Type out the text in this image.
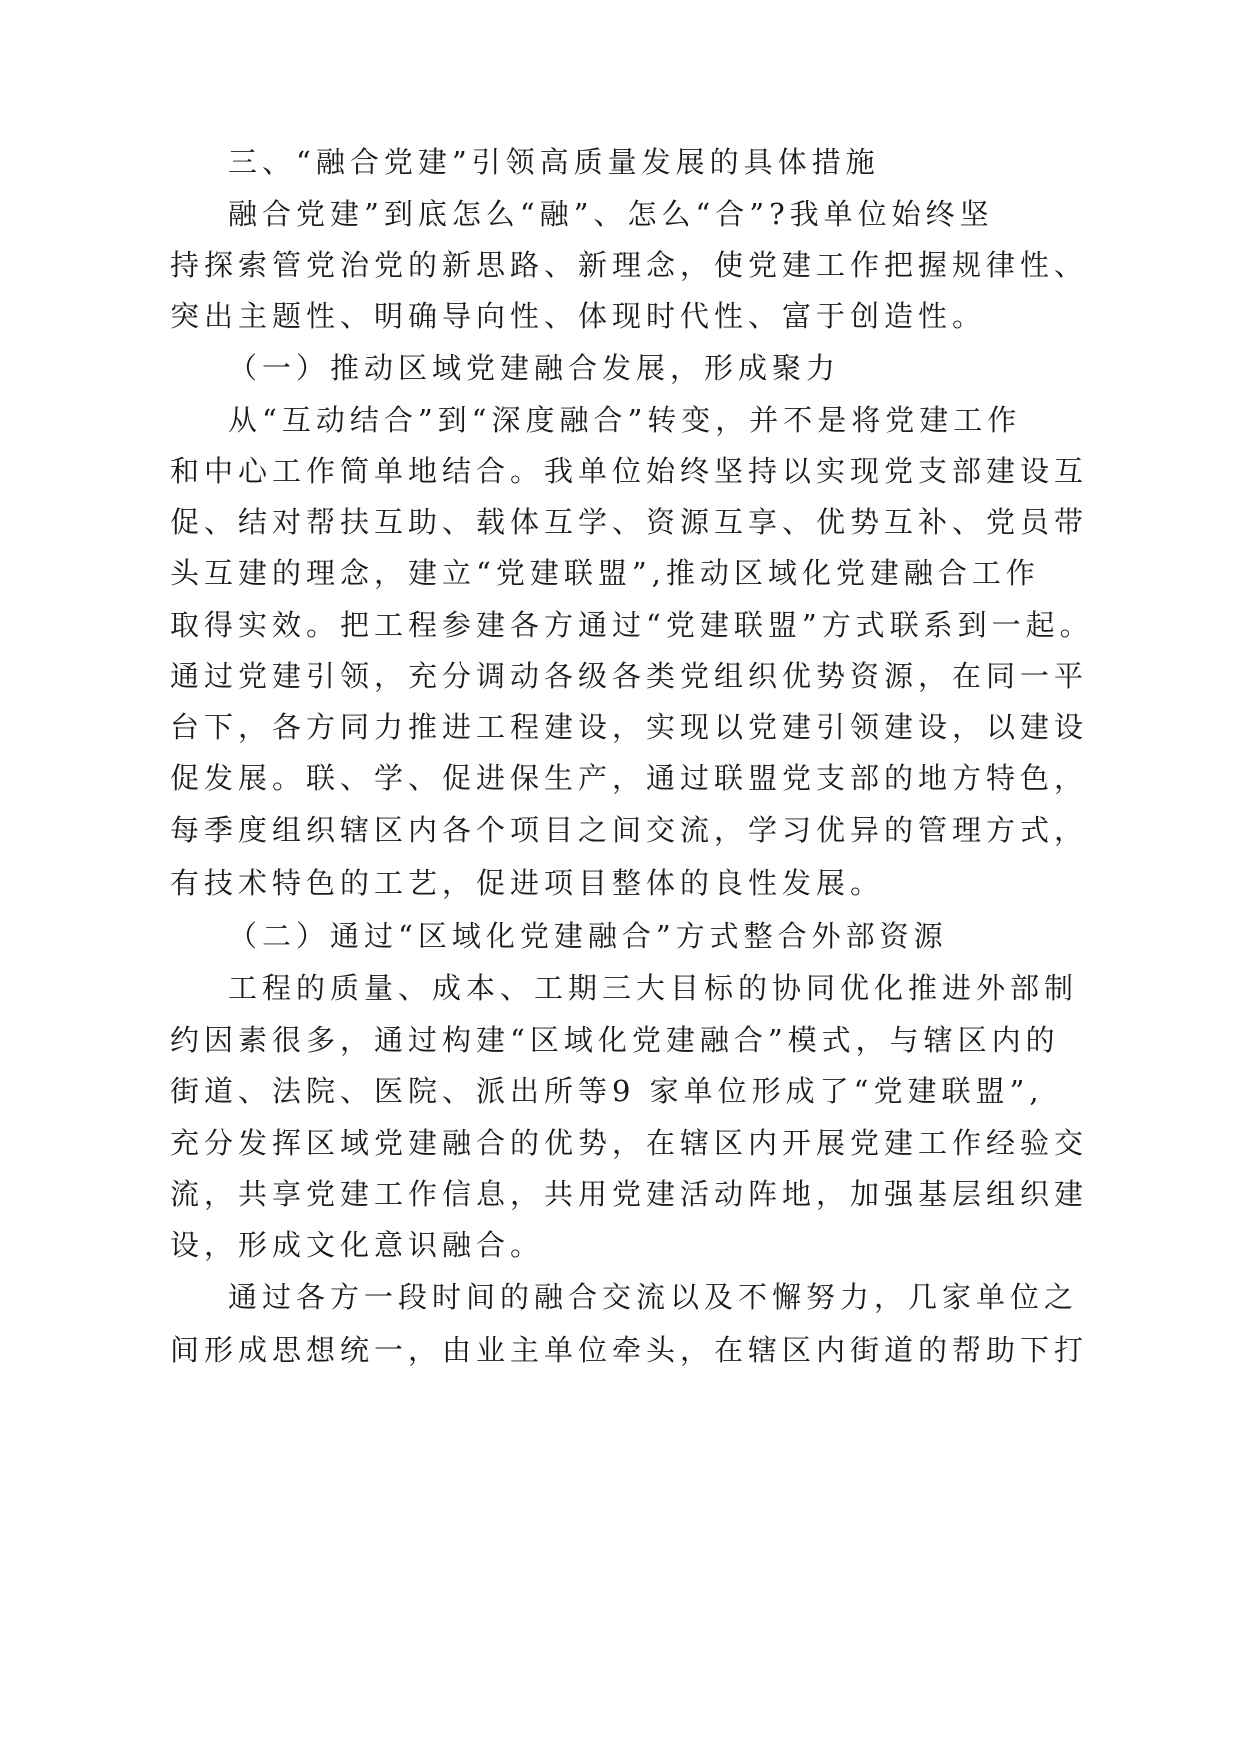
三、“融合党建”引领高质量发展的具体措施

融合党建”到底怎么“融”、怎么“合”?我单位始终坚

持探索管党治党的新思路、新理念，使党建工作把握规律性、

突出主题性、明确导向性、体现时代性、富于创造性。

（一）推动区域党建融合发展，形成聚力

从“互动结合”到“深度融合”转变，并不是将党建工作

和中心工作简单地结合。我单位始终坚持以实现党支部建设互

促、结对帮扶互助、载体互学、资源互享、优势互补、党员带

头互建的理念，建立“党建联盟”,推动区域化党建融合工作

取得实效。把工程参建各方通过“党建联盟”方式联系到一起。

通过党建引领，充分调动各级各类党组织优势资源，在同一平

台下，各方同力推进工程建设，实现以党建引领建设，以建设

促发展。联、学、促进保生产，通过联盟党支部的地方特色，

每季度组织辖区内各个项目之间交流，学习优异的管理方式，

有技术特色的工艺，促进项目整体的良性发展。

（二）通过“区域化党建融合”方式整合外部资源

工程的质量、成本、工期三大目标的协同优化推进外部制

约因素很多，通过构建“区域化党建融合”模式，与辖区内的

街道、法院、医院、派出所等9 家单位形成了“党建联盟”,

充分发挥区域党建融合的优势，在辖区内开展党建工作经验交

流，共享党建工作信息，共用党建活动阵地，加强基层组织建

设，形成文化意识融合。

通过各方一段时间的融合交流以及不懈努力，几家单位之

间形成思想统一，由业主单位牵头，在辖区内街道的帮助下打
